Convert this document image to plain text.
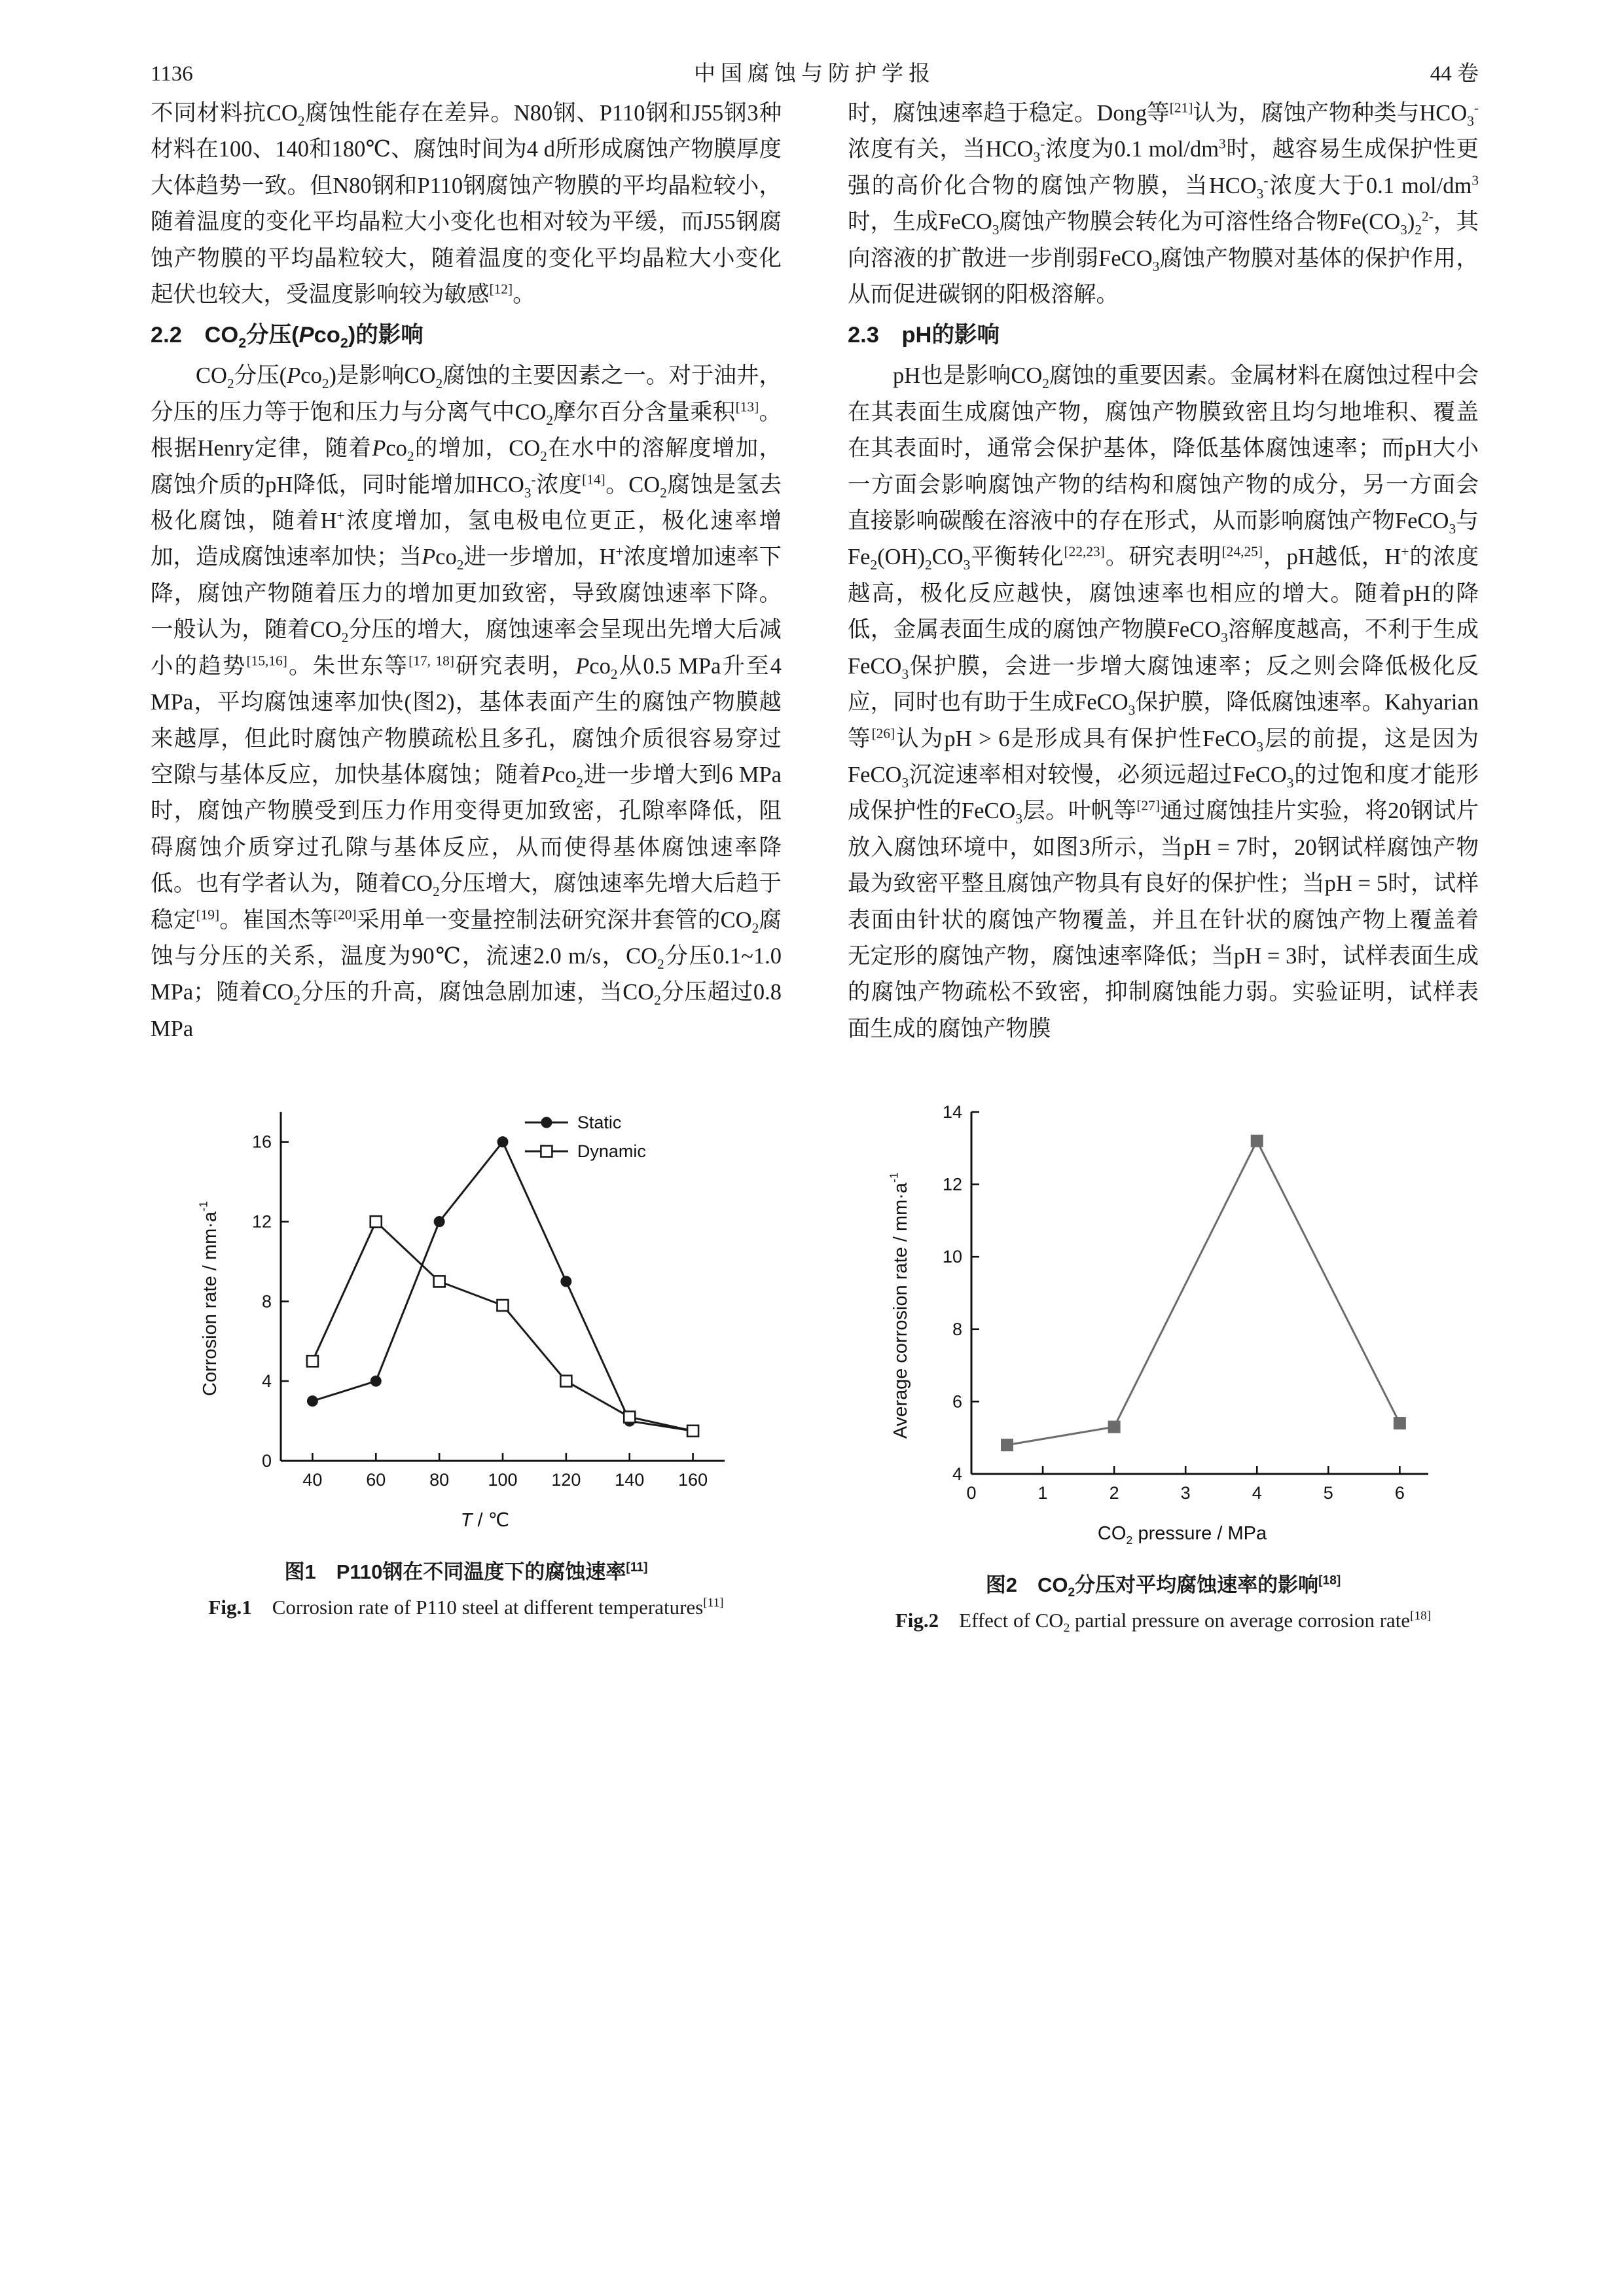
1136	中国腐蚀与防护学报	44 卷

不同材料抗$CO_2$腐蚀性能存在差异。N80钢、P110钢和J55钢3种材料在100、140和180℃、腐蚀时间为4 d所形成腐蚀产物膜厚度大体趋势一致。但N80钢和P110钢腐蚀产物膜的平均晶粒较小，随着温度的变化平均晶粒大小变化也相对较为平缓，而J55钢腐蚀产物膜的平均晶粒较大，随着温度的变化平均晶粒大小变化起伏也较大，受温度影响较为敏感[12]。

2.2　$CO_2$分压(Pco$_2$)的影响

$CO_2$分压(Pco$_2$)是影响$CO_2$腐蚀的主要因素之一。对于油井，分压的压力等于饱和压力与分离气中$CO_2$摩尔百分含量乘积[13]。根据Henry定律，随着Pco$_2$的增加，$CO_2$在水中的溶解度增加，腐蚀介质的pH降低，同时能增加$HCO_3^-$浓度[14]。$CO_2$腐蚀是氢去极化腐蚀，随着H+浓度增加，氢电极电位更正，极化速率增加，造成腐蚀速率加快；当Pco$_2$进一步增加，H+浓度增加速率下降，腐蚀产物随着压力的增加更加致密，导致腐蚀速率下降。一般认为，随着$CO_2$分压的增大，腐蚀速率会呈现出先增大后减小的趋势[15,16]。朱世东等[17, 18]研究表明，Pco$_2$从0.5 MPa升至4 MPa，平均腐蚀速率加快(图2)，基体表面产生的腐蚀产物膜越来越厚，但此时腐蚀产物膜疏松且多孔，腐蚀介质很容易穿过空隙与基体反应，加快基体腐蚀；随着Pco$_2$进一步增大到6 MPa时，腐蚀产物膜受到压力作用变得更加致密，孔隙率降低，阻碍腐蚀介质穿过孔隙与基体反应，从而使得基体腐蚀速率降低。也有学者认为，随着$CO_2$分压增大，腐蚀速率先增大后趋于稳定[19]。崔国杰等[20]采用单一变量控制法研究深井套管的$CO_2$腐蚀与分压的关系，温度为90℃，流速2.0 m/s，$CO_2$分压0.1~1.0 MPa；随着$CO_2$分压的升高，腐蚀急剧加速，当$CO_2$分压超过0.8 MPa

Corrosion rate / $mm\cdot a^{-1}$
40 60 80 100 120 140 160
0
4
8
12
16
Static
Dynamic
T / ℃
图1　P110钢在不同温度下的腐蚀速率[11]
Fig.1　Corrosion rate of P110 steel at different temperatures[11]

时，腐蚀速率趋于稳定。Dong等[21]认为，腐蚀产物种类与$HCO_3^-$浓度有关，当$HCO_3^-$浓度为0.1 mol/$dm^3$时，越容易生成保护性更强的高价化合物的腐蚀产物膜，当$HCO_3^-$浓度大于0.1 mol/$dm^3$时，生成FeCO$_3$腐蚀产物膜会转化为可溶性络合物$Fe(CO_3)_2^{2-}$，其向溶液的扩散进一步削弱FeCO$_3$腐蚀产物膜对基体的保护作用，从而促进碳钢的阳极溶解。

2.3　pH的影响

pH也是影响$CO_2$腐蚀的重要因素。金属材料在腐蚀过程中会在其表面生成腐蚀产物，腐蚀产物膜致密且均匀地堆积、覆盖在其表面时，通常会保护基体，降低基体腐蚀速率；而pH大小一方面会影响腐蚀产物的结构和腐蚀产物的成分，另一方面会直接影响碳酸在溶液中的存在形式，从而影响腐蚀产物FeCO$_3$与$Fe_2(OH)_2CO_3$平衡转化[22,23]。研究表明[24,25]，pH越低，H+的浓度越高，极化反应越快，腐蚀速率也相应的增大。随着pH的降低，金属表面生成的腐蚀产物膜FeCO$_3$溶解度越高，不利于生成FeCO$_3$保护膜，会进一步增大腐蚀速率；反之则会降低极化反应，同时也有助于生成FeCO$_3$保护膜，降低腐蚀速率。Kahyarian等[26]认为pH > 6是形成具有保护性FeCO$_3$层的前提，这是因为FeCO$_3$沉淀速率相对较慢，必须远超过FeCO$_3$的过饱和度才能形成保护性的FeCO$_3$层。叶帆等[27]通过腐蚀挂片实验，将20钢试片放入腐蚀环境中，如图3所示，当pH = 7时，20钢试样腐蚀产物最为致密平整且腐蚀产物具有良好的保护性；当pH = 5时，试样表面由针状的腐蚀产物覆盖，并且在针状的腐蚀产物上覆盖着无定形的腐蚀产物，腐蚀速率降低；当pH = 3时，试样表面生成的腐蚀产物疏松不致密，抑制腐蚀能力弱。实验证明，试样表面生成的腐蚀产物膜

Average corrosion rate / $mm\cdot a^{-1}$
0	1	2	3	4	5	6
4
6
8
10
12
14
$CO_2$ pressure / MPa
图2　$CO_2$分压对平均腐蚀速率的影响[18]
Fig.2　Effect of $CO_2$ partial pressure on average corrosion rate[18]
